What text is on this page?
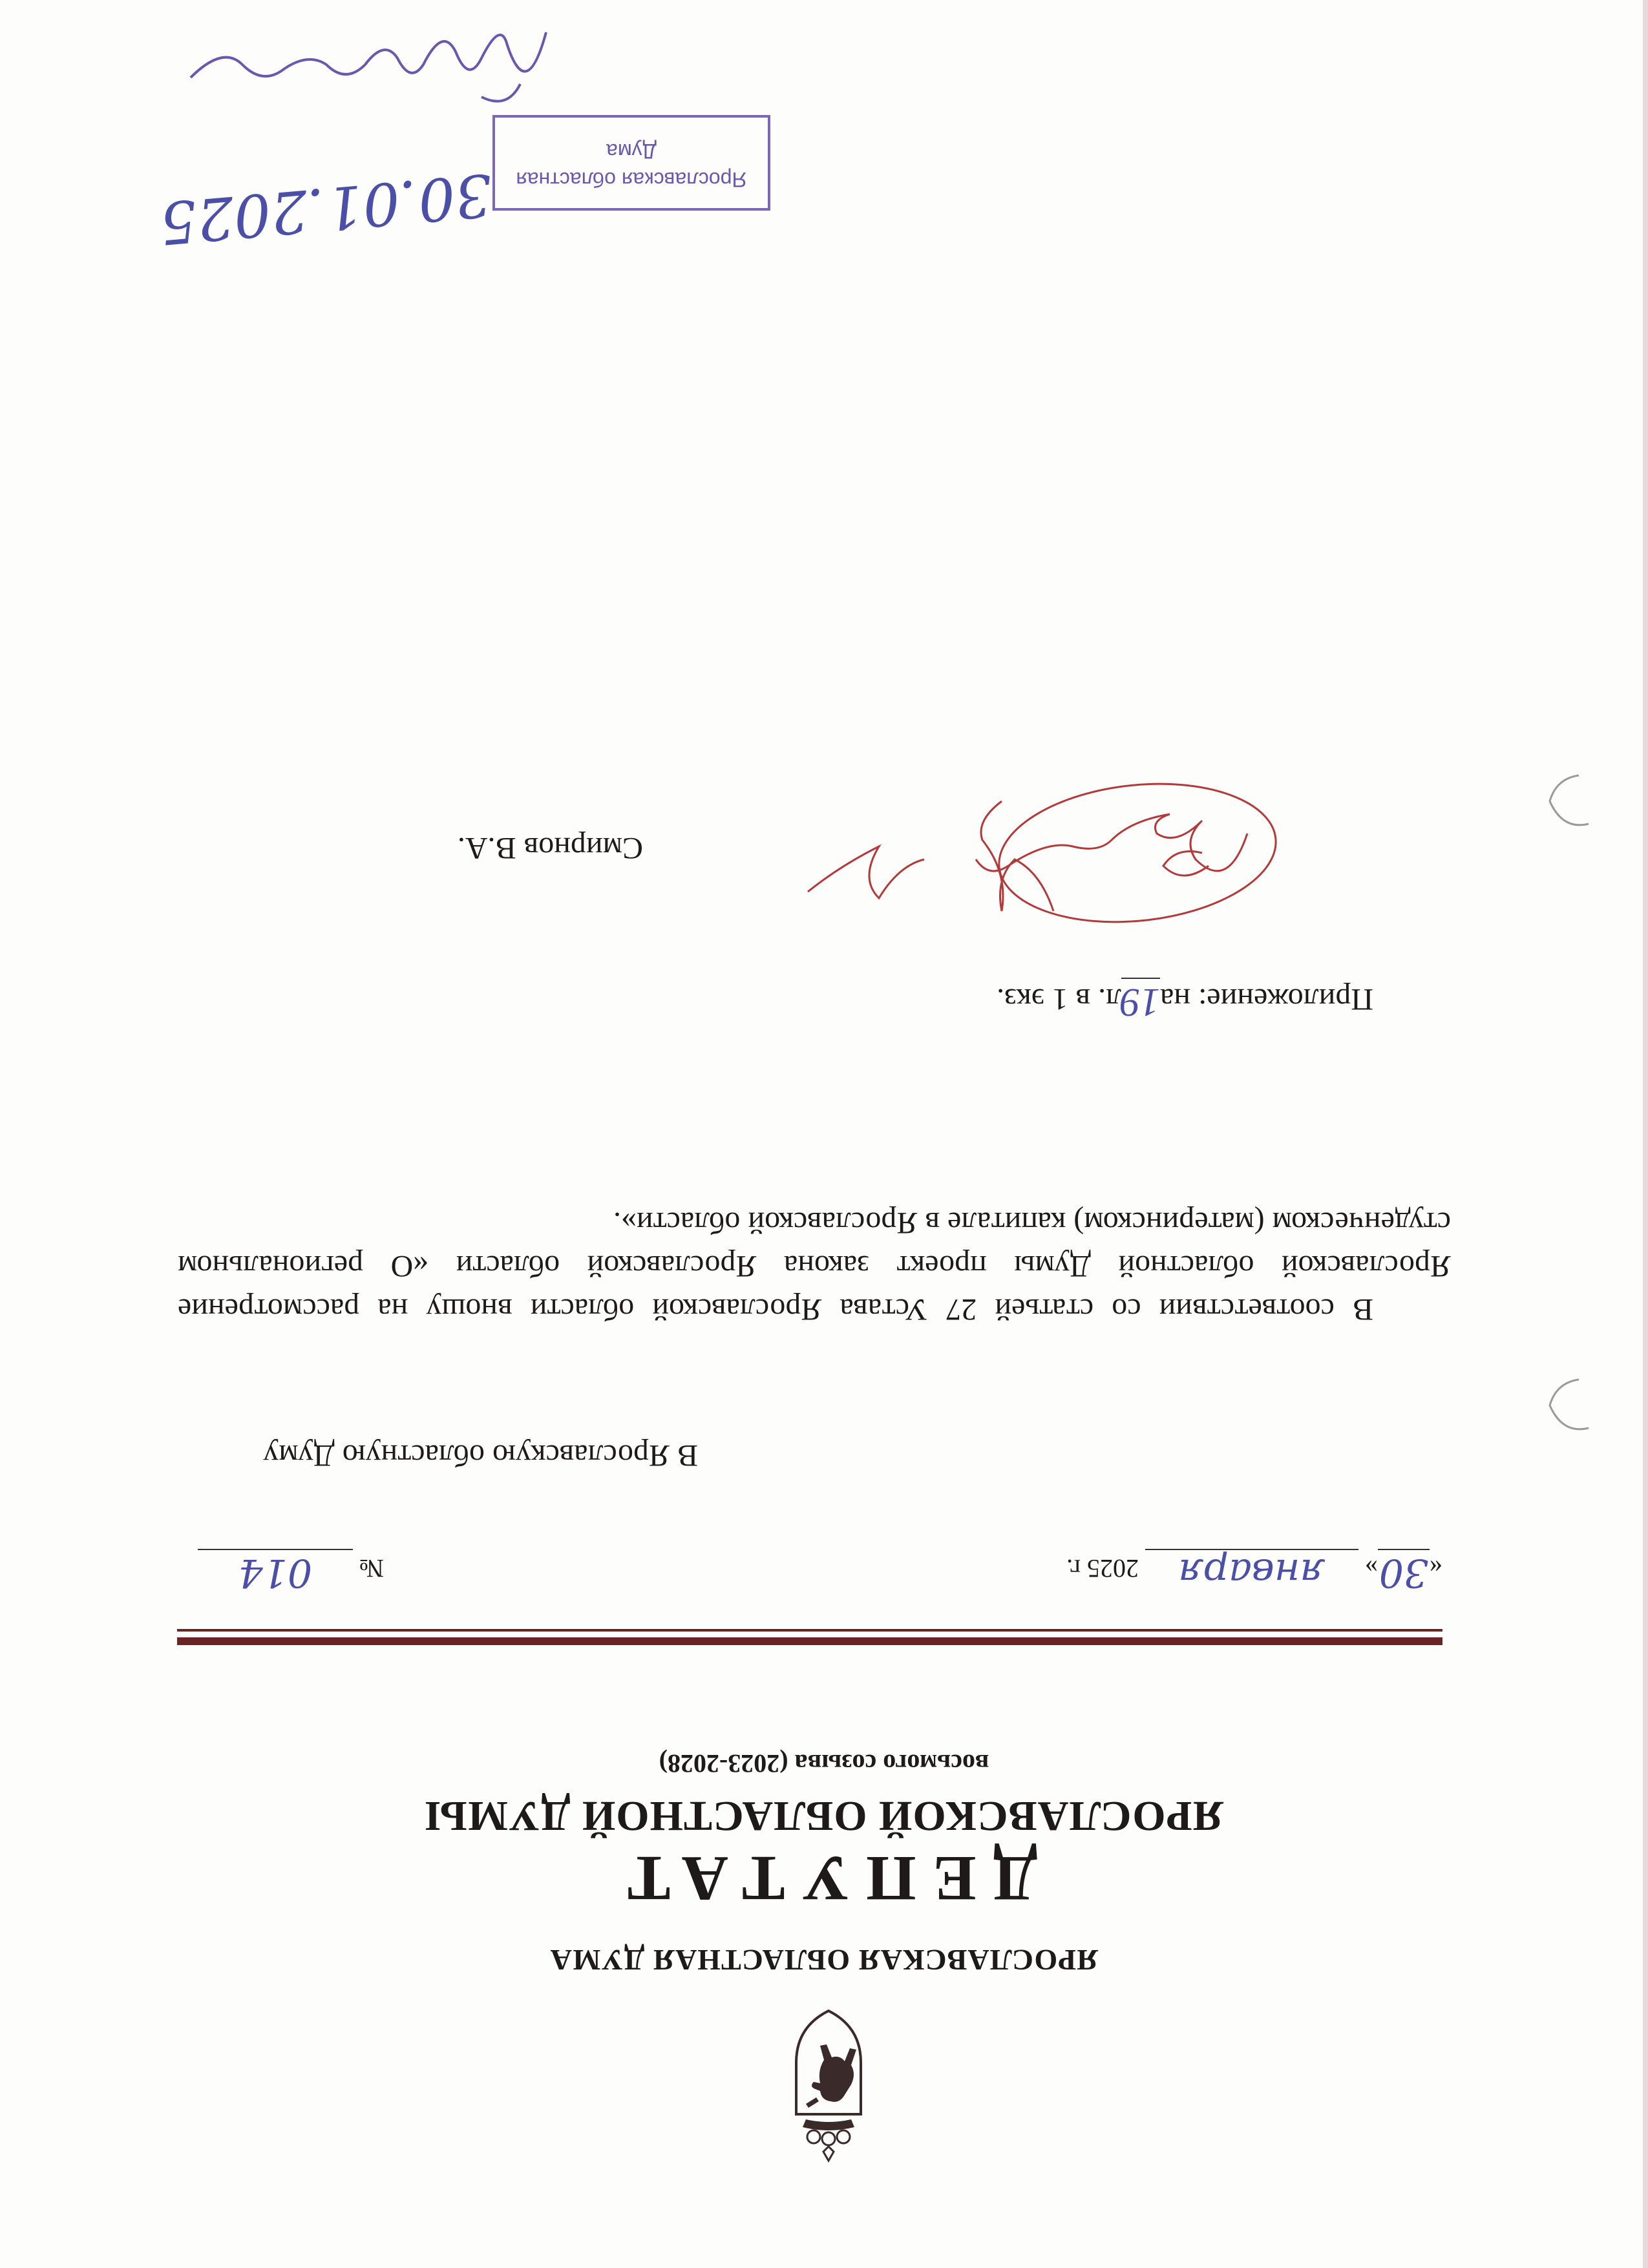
ЯРОСЛАВСКАЯ ОБЛАСТНАЯ ДУМА
ДЕПУТАТ
ЯРОСЛАВСКОЙ ОБЛАСТНОЙ ДУМЫ
восьмого созыва (2023-2028)
«30» января 2025 г.
№ 014
В Ярославскую областную Думу

В соответствии со статьей 27 Устава Ярославской области вношу на рассмотрение Ярославской областной Думы проект закона Ярославской области «О региональном студенческом (материнском) капитале в Ярославской области».

Приложение: на19л. в 1 экз.
Смирнов В.А.
Ярославская областная
Дума
30.01.2025
